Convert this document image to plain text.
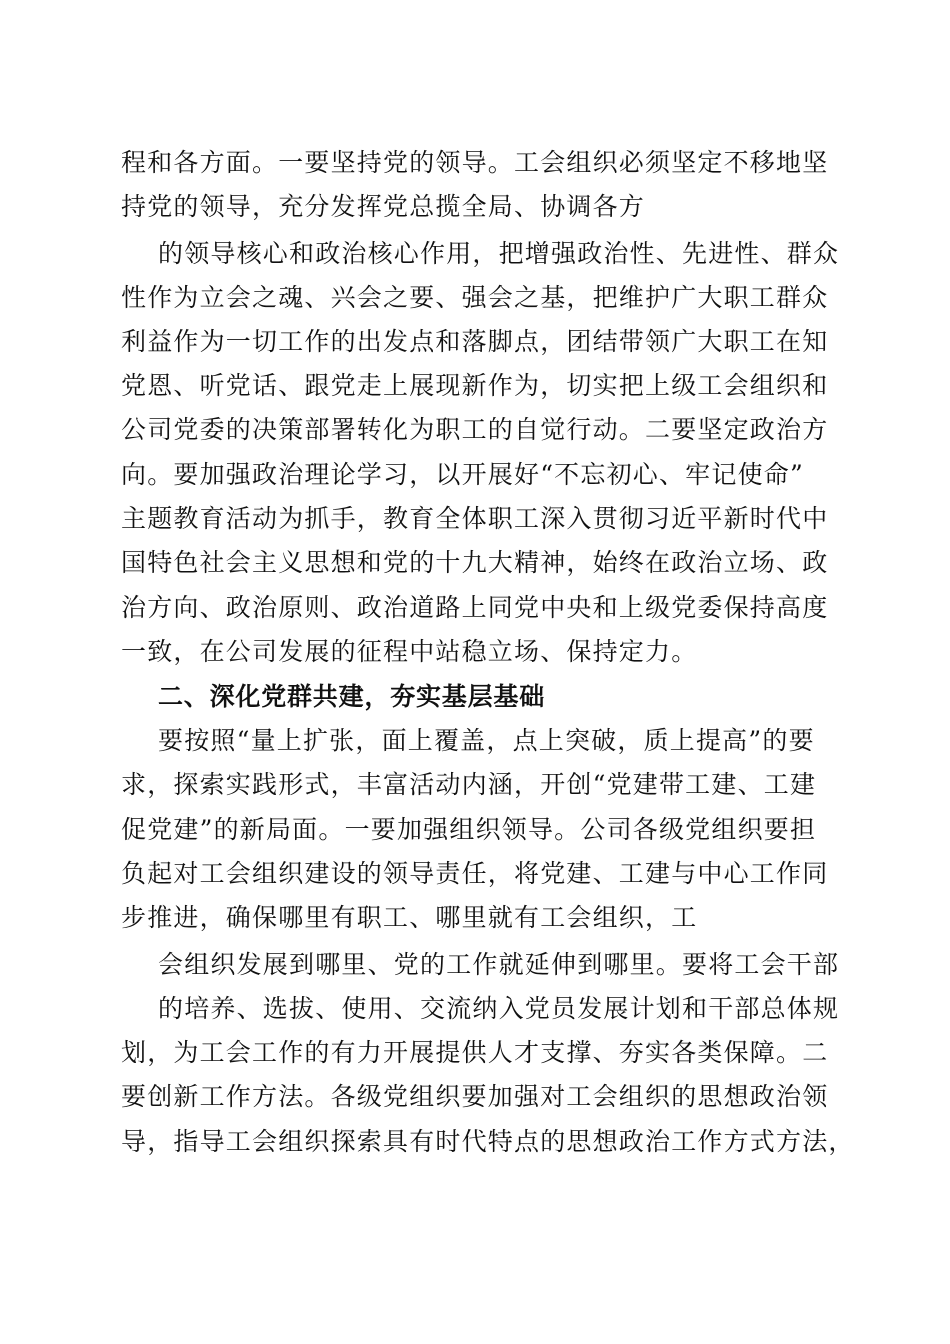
程和各方面。一要坚持党的领导。工会组织必须坚定不移地坚
持党的领导，充分发挥党总揽全局、协调各方
的领导核心和政治核心作用，把增强政治性、先进性、群众
性作为立会之魂、兴会之要、强会之基，把维护广大职工群众
利益作为一切工作的出发点和落脚点，团结带领广大职工在知
党恩、听党话、跟党走上展现新作为，切实把上级工会组织和
公司党委的决策部署转化为职工的自觉行动。二要坚定政治方
向。要加强政治理论学习，以开展好“不忘初心、牢记使命”
主题教育活动为抓手，教育全体职工深入贯彻习近平新时代中
国特色社会主义思想和党的十九大精神，始终在政治立场、政
治方向、政治原则、政治道路上同党中央和上级党委保持高度
一致，在公司发展的征程中站稳立场、保持定力。
二、深化党群共建，夯实基层基础
要按照“量上扩张，面上覆盖，点上突破，质上提高”的要
求，探索实践形式，丰富活动内涵，开创“党建带工建、工建
促党建”的新局面。一要加强组织领导。公司各级党组织要担
负起对工会组织建设的领导责任，将党建、工建与中心工作同
步推进，确保哪里有职工、哪里就有工会组织，工
会组织发展到哪里、党的工作就延伸到哪里。要将工会干部
的培养、选拔、使用、交流纳入党员发展计划和干部总体规
划，为工会工作的有力开展提供人才支撑、夯实各类保障。二
要创新工作方法。各级党组织要加强对工会组织的思想政治领
导，指导工会组织探索具有时代特点的思想政治工作方式方法，
